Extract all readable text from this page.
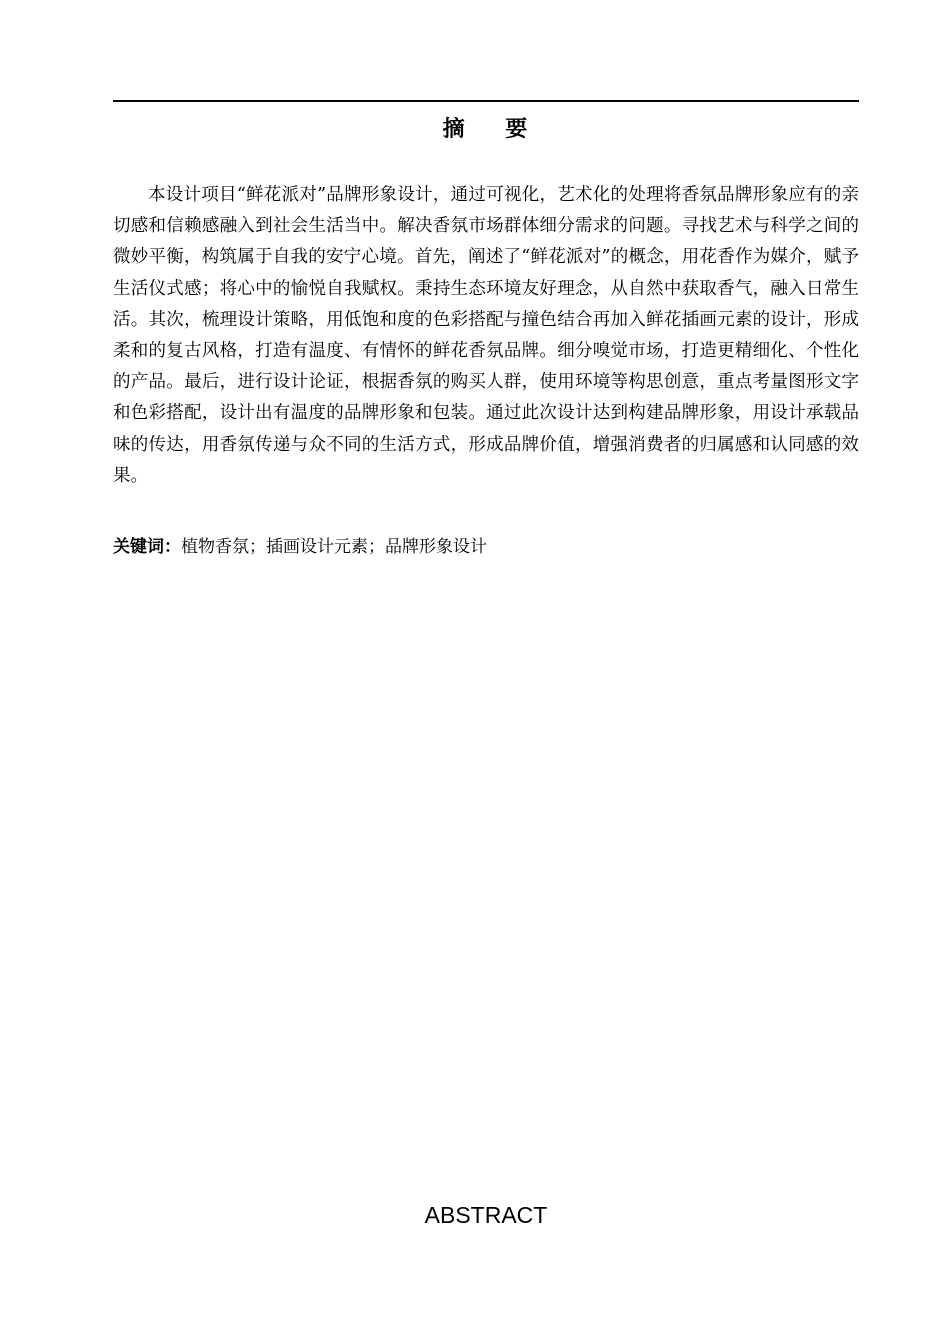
摘    要

本设计项目“鲜花派对”品牌形象设计，通过可视化，艺术化的处理将香氛品牌形象应有的亲切感和信赖感融入到社会生活当中。解决香氛市场群体细分需求的问题。寻找艺术与科学之间的微妙平衡，构筑属于自我的安宁心境。首先，阐述了“鲜花派对”的概念，用花香作为媒介，赋予生活仪式感；将心中的愉悦自我赋权。秉持生态环境友好理念，从自然中获取香气，融入日常生活。其次，梳理设计策略，用低饱和度的色彩搭配与撞色结合再加入鲜花插画元素的设计，形成柔和的复古风格，打造有温度、有情怀的鲜花香氛品牌。细分嗅觉市场，打造更精细化、个性化的产品。最后，进行设计论证，根据香氛的购买人群，使用环境等构思创意，重点考量图形文字和色彩搭配，设计出有温度的品牌形象和包装。通过此次设计达到构建品牌形象，用设计承载品味的传达，用香氛传递与众不同的生活方式，形成品牌价值，增强消费者的归属感和认同感的效果。

关键词：植物香氛；插画设计元素；品牌形象设计

ABSTRACT
